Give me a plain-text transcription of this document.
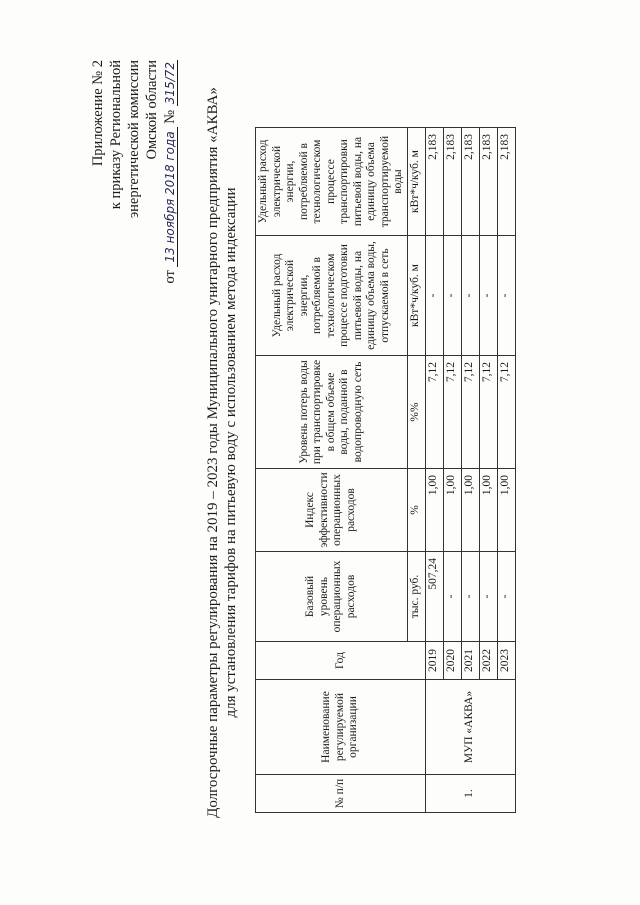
Приложение № 2 к приказу Региональной энергетической комиссии Омской области
от 13 ноября 2018 года № 315/72
Долгосрочные параметры регулирования на 2019 – 2023 годы Муниципального унитарного предприятия «АКВА» для установления тарифов на питьевую воду с использованием метода индексации
№ п/п	Наименование регулируемой организации	Год	Базовый уровень операционных расходов	Индекс эффективности операционных расходов	Уровень потерь воды при транспортировке в общем объеме воды, поданной в водопроводную сеть	Удельный расход электрической энергии, потребляемой в технологическом процессе подготовки питьевой воды, на единицу объема воды, отпускаемой в сеть	Удельный расход электрической энергии, потребляемой в технологическом процессе транспортировки питьевой воды, на единицу объема транспортируемой воды
			тыс. руб.	%	%%	кВт*ч/куб. м	кВт*ч/куб. м
1.	МУП «АКВА»	2019	507,24	1,00	7,12	-	2,183
		2020	-	1,00	7,12	-	2,183
		2021	-	1,00	7,12	-	2,183
		2022	-	1,00	7,12	-	2,183
		2023	-	1,00	7,12	-	2,183
